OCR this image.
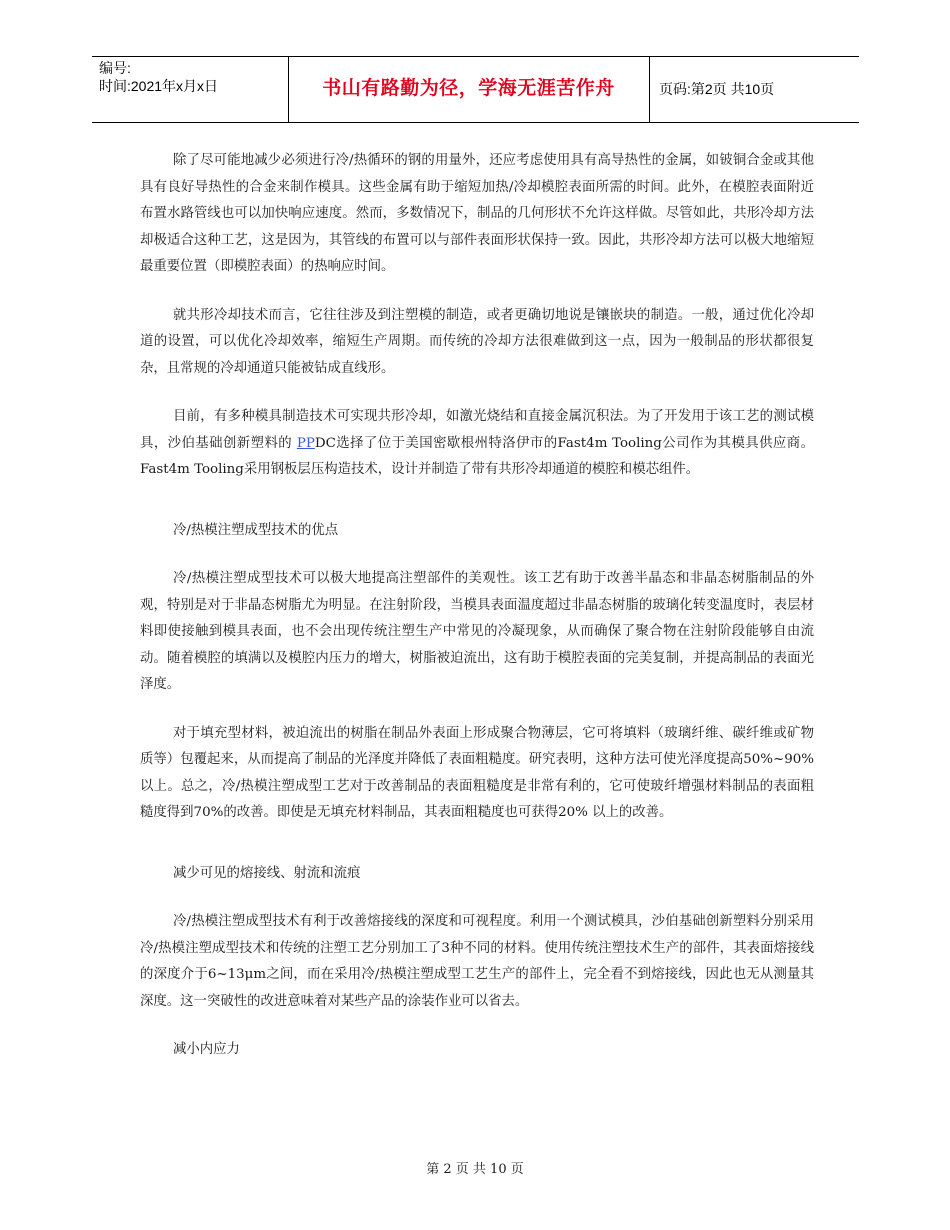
编号:
时间:2021年x月x日	书山有路勤为径，学海无涯苦作舟	页码:第2页 共10页

除了尽可能地减少必须进行冷/热循环的钢的用量外，还应考虑使用具有高导热性的金属，如铍铜合金或其他具有良好导热性的合金来制作模具。这些金属有助于缩短加热/冷却模腔表面所需的时间。此外，在模腔表面附近布置水路管线也可以加快响应速度。然而，多数情况下，制品的几何形状不允许这样做。尽管如此，共形冷却方法却极适合这种工艺，这是因为，其管线的布置可以与部件表面形状保持一致。因此，共形冷却方法可以极大地缩短最重要位置（即模腔表面）的热响应时间。

就共形冷却技术而言，它往往涉及到注塑模的制造，或者更确切地说是镶嵌块的制造。一般，通过优化冷却道的设置，可以优化冷却效率，缩短生产周期。而传统的冷却方法很难做到这一点，因为一般制品的形状都很复杂，且常规的冷却通道只能被钻成直线形。

目前，有多种模具制造技术可实现共形冷却，如激光烧结和直接金属沉积法。为了开发用于该工艺的测试模具，沙伯基础创新塑料的 PPDC选择了位于美国密歇根州特洛伊市的Fast4m Tooling公司作为其模具供应商。Fast4m Tooling采用钢板层压构造技术，设计并制造了带有共形冷却通道的模腔和模芯组件。

冷/热模注塑成型技术的优点

冷/热模注塑成型技术可以极大地提高注塑部件的美观性。该工艺有助于改善半晶态和非晶态树脂制品的外观，特别是对于非晶态树脂尤为明显。在注射阶段，当模具表面温度超过非晶态树脂的玻璃化转变温度时，表层材料即使接触到模具表面，也不会出现传统注塑生产中常见的冷凝现象，从而确保了聚合物在注射阶段能够自由流动。随着模腔的填满以及模腔内压力的增大，树脂被迫流出，这有助于模腔表面的完美复制，并提高制品的表面光泽度。

对于填充型材料，被迫流出的树脂在制品外表面上形成聚合物薄层，它可将填料（玻璃纤维、碳纤维或矿物质等）包覆起来，从而提高了制品的光泽度并降低了表面粗糙度。研究表明，这种方法可使光泽度提高50%~90%以上。总之，冷/热模注塑成型工艺对于改善制品的表面粗糙度是非常有利的，它可使玻纤增强材料制品的表面粗糙度得到70%的改善。即使是无填充材料制品，其表面粗糙度也可获得20% 以上的改善。

减少可见的熔接线、射流和流痕

冷/热模注塑成型技术有利于改善熔接线的深度和可视程度。利用一个测试模具，沙伯基础创新塑料分别采用冷/热模注塑成型技术和传统的注塑工艺分别加工了3种不同的材料。使用传统注塑技术生产的部件，其表面熔接线的深度介于6~13μm之间，而在采用冷/热模注塑成型工艺生产的部件上，完全看不到熔接线，因此也无从测量其深度。这一突破性的改进意味着对某些产品的涂装作业可以省去。

减小内应力

第 2 页 共 10 页
